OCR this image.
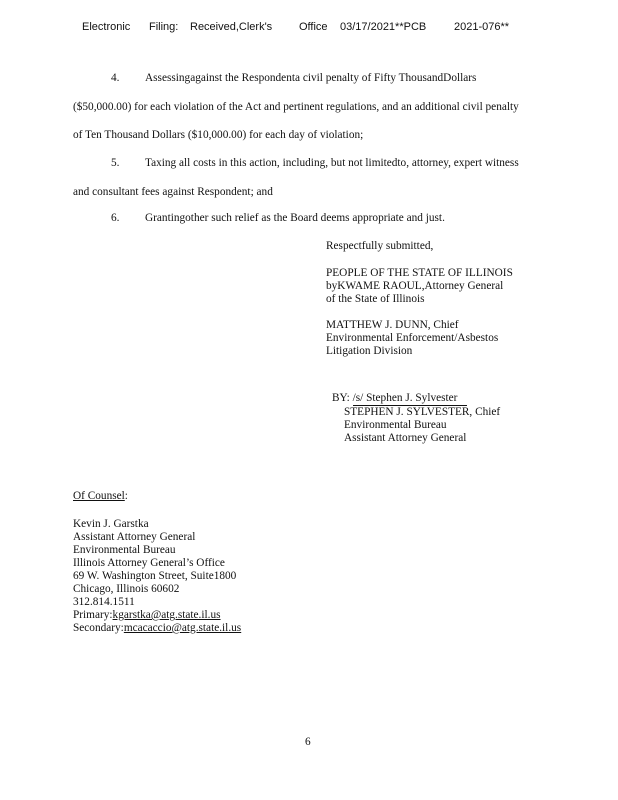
Electronic Filing: Received,Clerk's Office 03/17/2021**PCB	2021-076**
4. Assessingagainst the Respondenta civil penalty of Fifty ThousandDollars
($50,000.00) for each violation of the Act and pertinent regulations, and an additional civil penalty
of Ten Thousand Dollars ($10,000.00) for each day of violation;
5. Taxing all costs in this action, including, but not limitedto, attorney, expert witness
and consultant fees against Respondent; and
6. Grantingother such relief as the Board deems appropriate and just.
Respectfully submitted,
PEOPLE OF THE STATE OF ILLINOIS
byKWAME RAOUL,Attorney General
of the State of Illinois
MATTHEW J. DUNN, Chief
Environmental Enforcement/Asbestos
Litigation Division
BY: /s/ Stephen J. Sylvester
STEPHEN J. SYLVESTER, Chief
Environmental Bureau
Assistant Attorney General
Of Counsel:
Kevin J. Garstka
Assistant Attorney General
Environmental Bureau
Illinois Attorney General’s Office
69 W. Washington Street, Suite1800
Chicago, Illinois 60602
312.814.1511
Primary:kgarstka@atg.state.il.us
Secondary:mcacaccio@atg.state.il.us
6
